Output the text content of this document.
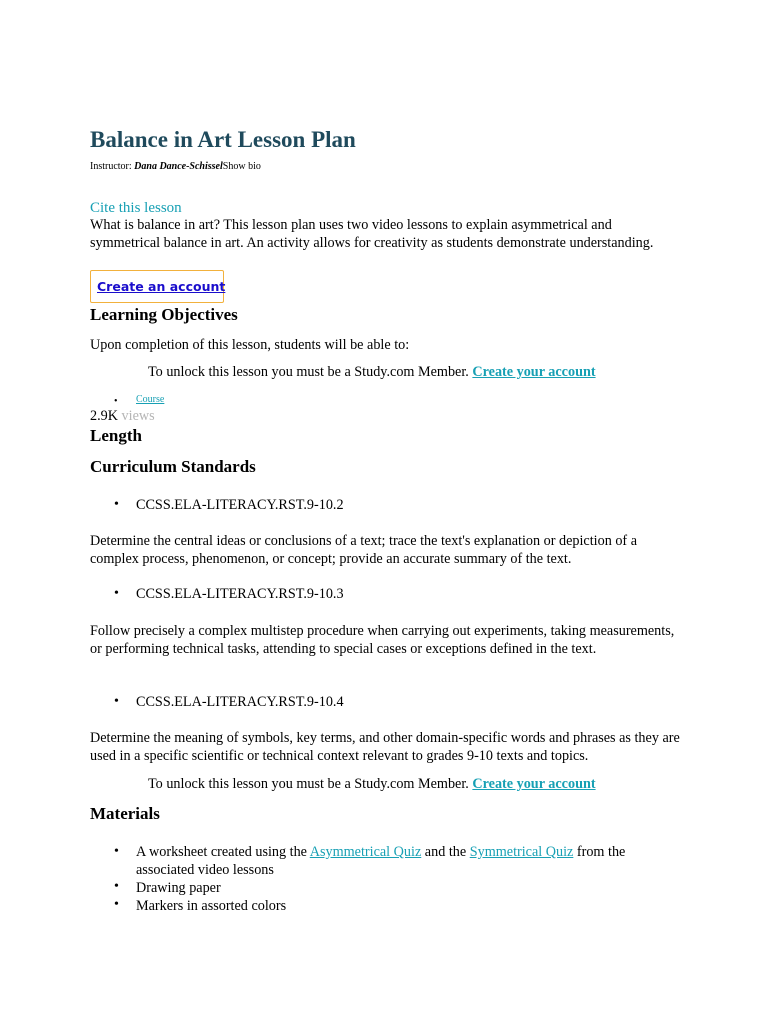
Balance in Art Lesson Plan
Instructor: Dana Dance-SchisselShow bio
Cite this lesson

What is balance in art? This lesson plan uses two video lessons to explain asymmetrical and symmetrical balance in art. An activity allows for creativity as students demonstrate understanding.

Create an account
Learning Objectives

Upon completion of this lesson, students will be able to:

To unlock this lesson you must be a Study.com Member. Create your account
• Course
2.9K views
Length
Curriculum Standards
• CCSS.ELA-LITERACY.RST.9-10.2

Determine the central ideas or conclusions of a text; trace the text's explanation or depiction of a complex process, phenomenon, or concept; provide an accurate summary of the text.

• CCSS.ELA-LITERACY.RST.9-10.3

Follow precisely a complex multistep procedure when carrying out experiments, taking measurements, or performing technical tasks, attending to special cases or exceptions defined in the text.

• CCSS.ELA-LITERACY.RST.9-10.4

Determine the meaning of symbols, key terms, and other domain-specific words and phrases as they are used in a specific scientific or technical context relevant to grades 9-10 texts and topics.

To unlock this lesson you must be a Study.com Member. Create your account
Materials
•
•
•

A worksheet created using the Asymmetrical Quiz and the Symmetrical Quiz from the associated video lessons

Drawing paper

Markers in assorted colors
